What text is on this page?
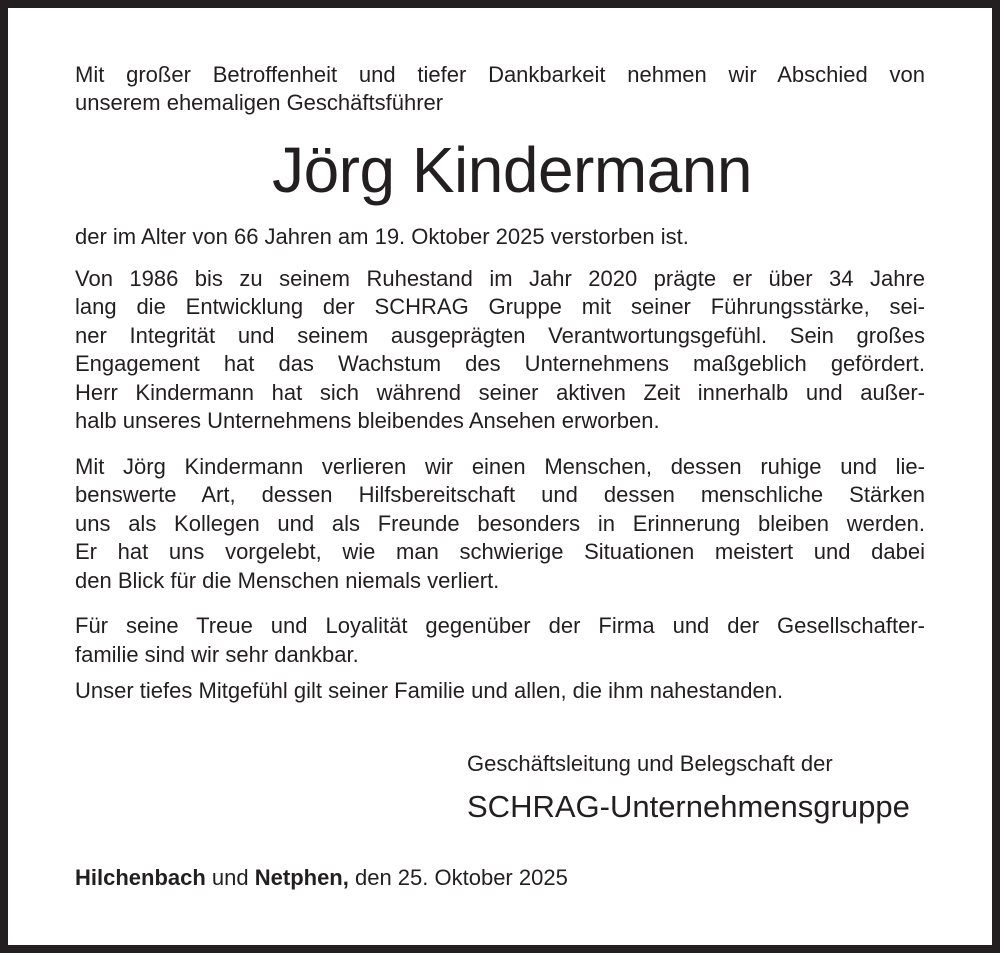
Mit großer Betroffenheit und tiefer Dankbarkeit nehmen wir Abschied von
unserem ehemaligen Geschäftsführer
Jörg Kindermann
der im Alter von 66 Jahren am 19. Oktober 2025 verstorben ist.
Von 1986 bis zu seinem Ruhestand im Jahr 2020 prägte er über 34 Jahre
lang die Entwicklung der SCHRAG Gruppe mit seiner Führungsstärke, sei-
ner Integrität und seinem ausgeprägten Verantwortungsgefühl. Sein großes
Engagement hat das Wachstum des Unternehmens maßgeblich gefördert.
Herr Kindermann hat sich während seiner aktiven Zeit innerhalb und außer-
halb unseres Unternehmens bleibendes Ansehen erworben.
Mit Jörg Kindermann verlieren wir einen Menschen, dessen ruhige und lie-
benswerte Art, dessen Hilfsbereitschaft und dessen menschliche Stärken
uns als Kollegen und als Freunde besonders in Erinnerung bleiben werden.
Er hat uns vorgelebt, wie man schwierige Situationen meistert und dabei
den Blick für die Menschen niemals verliert.
Für seine Treue und Loyalität gegenüber der Firma und der Gesellschafter-
familie sind wir sehr dankbar.
Unser tiefes Mitgefühl gilt seiner Familie und allen, die ihm nahestanden.
Geschäftsleitung und Belegschaft der
SCHRAG-Unternehmensgruppe
Hilchenbach und Netphen, den 25. Oktober 2025
